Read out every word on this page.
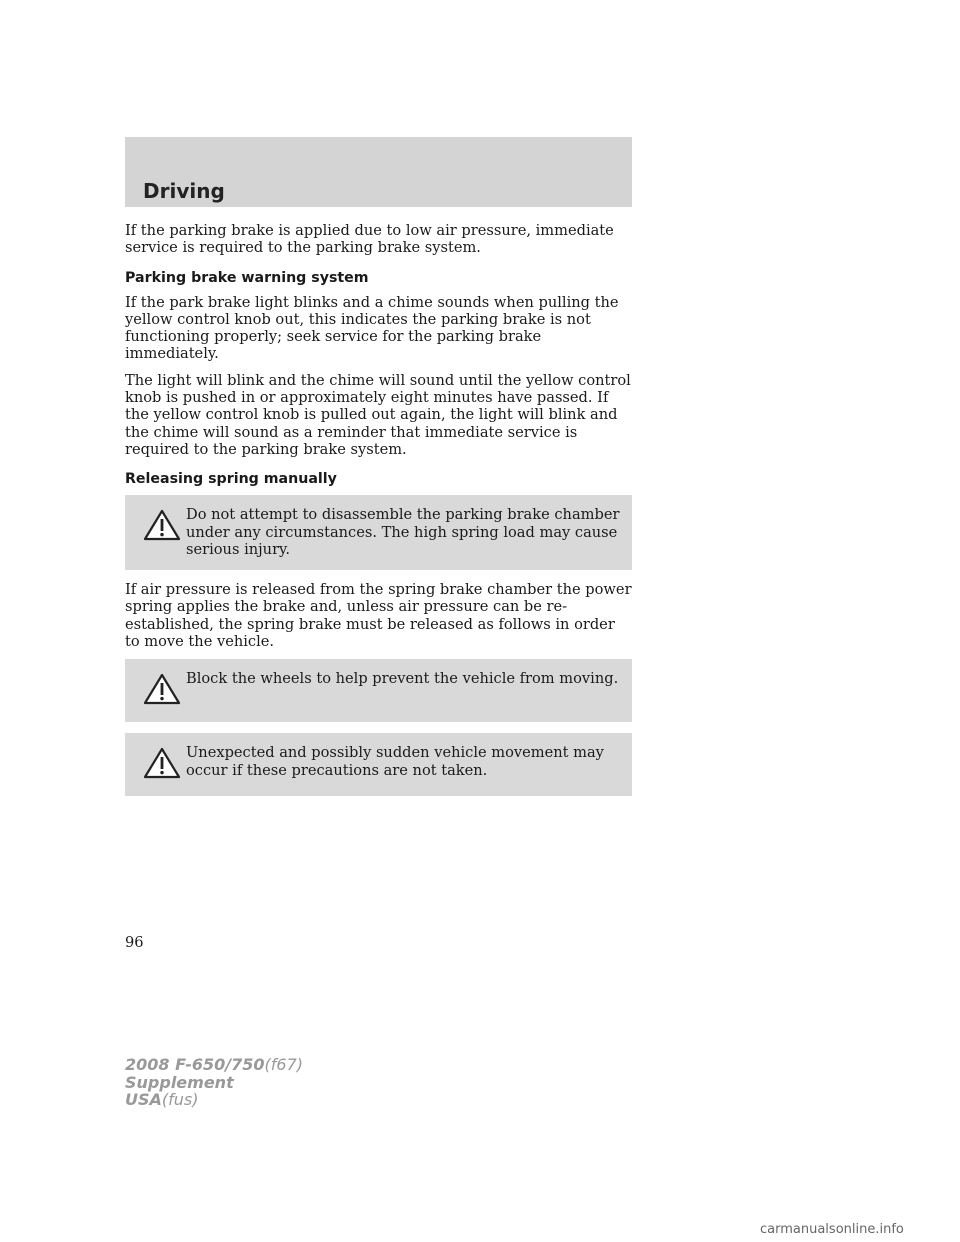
Driving

If the parking brake is applied due to low air pressure, immediate service is required to the parking brake system.

Parking brake warning system

If the park brake light blinks and a chime sounds when pulling the yellow control knob out, this indicates the parking brake is not functioning properly; seek service for the parking brake immediately.

The light will blink and the chime will sound until the yellow control knob is pushed in or approximately eight minutes have passed. If the yellow control knob is pulled out again, the light will blink and the chime will sound as a reminder that immediate service is required to the parking brake system.

Releasing spring manually
Do not attempt to disassemble the parking brake chamber under any circumstances. The high spring load may cause serious injury.

If air pressure is released from the spring brake chamber the power spring applies the brake and, unless air pressure can be re-established, the spring brake must be released as follows in order to move the vehicle.

Block the wheels to help prevent the vehicle from moving.
Unexpected and possibly sudden vehicle movement may occur if these precautions are not taken.
96
2008 F-650/750(f67)
Supplement
USA(fus)
carmanualsonline.info
